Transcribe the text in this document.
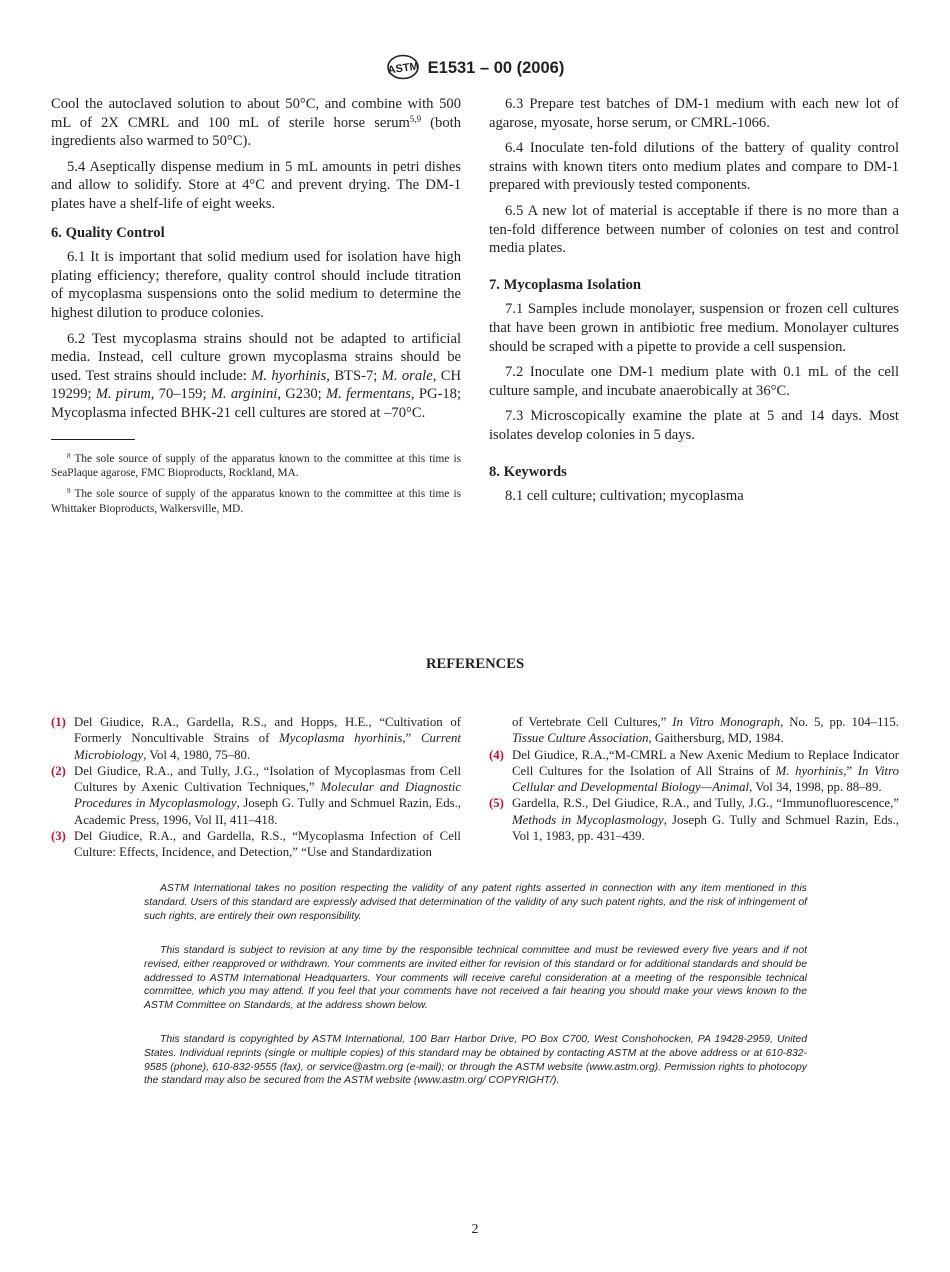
ASTM E1531 – 00 (2006)

Cool the autoclaved solution to about 50°C, and combine with 500 mL of 2X CMRL and 100 mL of sterile horse serum$^{5,9}$ (both ingredients also warmed to 50°C).

5.4 Aseptically dispense medium in 5 mL amounts in petri dishes and allow to solidify. Store at 4°C and prevent drying. The DM-1 plates have a shelf-life of eight weeks.

6. Quality Control

6.1 It is important that solid medium used for isolation have high plating efficiency; therefore, quality control should include titration of mycoplasma suspensions onto the solid medium to determine the highest dilution to produce colonies.

6.2 Test mycoplasma strains should not be adapted to artificial media. Instead, cell culture grown mycoplasma strains should be used. Test strains should include: M. hyorhinis, BTS-7; M. orale, CH 19299; M. pirum, 70–159; M. arginini, G230; M. fermentans, PG-18; Mycoplasma infected BHK-21 cell cultures are stored at –70°C.

$^8$ The sole source of supply of the apparatus known to the committee at this time is SeaPlaque agarose, FMC Bioproducts, Rockland, MA.

$^9$ The sole source of supply of the apparatus known to the committee at this time is Whittaker Bioproducts, Walkersville, MD.

6.3 Prepare test batches of DM-1 medium with each new lot of agarose, myosate, horse serum, or CMRL-1066.

6.4 Inoculate ten-fold dilutions of the battery of quality control strains with known titers onto medium plates and compare to DM-1 prepared with previously tested components.

6.5 A new lot of material is acceptable if there is no more than a ten-fold difference between number of colonies on test and control media plates.

7. Mycoplasma Isolation

7.1 Samples include monolayer, suspension or frozen cell cultures that have been grown in antibiotic free medium. Monolayer cultures should be scraped with a pipette to provide a cell suspension.

7.2 Inoculate one DM-1 medium plate with 0.1 mL of the cell culture sample, and incubate anaerobically at 36°C.

7.3 Microscopically examine the plate at 5 and 14 days. Most isolates develop colonies in 5 days.

8. Keywords

8.1 cell culture; cultivation; mycoplasma

REFERENCES

(1) Del Giudice, R.A., Gardella, R.S., and Hopps, H.E., “Cultivation of Formerly Noncultivable Strains of Mycoplasma hyorhinis,” Current Microbiology, Vol 4, 1980, 75–80.

(2) Del Giudice, R.A., and Tully, J.G., “Isolation of Mycoplasmas from Cell Cultures by Axenic Cultivation Techniques,” Molecular and Diagnostic Procedures in Mycoplasmology, Joseph G. Tully and Schmuel Razin, Eds., Academic Press, 1996, Vol II, 411–418.

(3) Del Giudice, R.A., and Gardella, R.S., “Mycoplasma Infection of Cell Culture: Effects, Incidence, and Detection,” “Use and Standardization

of Vertebrate Cell Cultures,” In Vitro Monograph, No. 5, pp. 104–115. Tissue Culture Association, Gaithersburg, MD, 1984.

(4) Del Giudice, R.A.,“M-CMRL a New Axenic Medium to Replace Indicator Cell Cultures for the Isolation of All Strains of M. hyorhinis,” In Vitro Cellular and Developmental Biology—Animal, Vol 34, 1998, pp. 88–89.

(5) Gardella, R.S., Del Giudice, R.A., and Tully, J.G., “Immunofluorescence,” Methods in Mycoplasmology, Joseph G. Tully and Schmuel Razin, Eds., Vol 1, 1983, pp. 431–439.

ASTM International takes no position respecting the validity of any patent rights asserted in connection with any item mentioned in this standard. Users of this standard are expressly advised that determination of the validity of any such patent rights, and the risk of infringement of such rights, are entirely their own responsibility.

This standard is subject to revision at any time by the responsible technical committee and must be reviewed every five years and if not revised, either reapproved or withdrawn. Your comments are invited either for revision of this standard or for additional standards and should be addressed to ASTM International Headquarters. Your comments will receive careful consideration at a meeting of the responsible technical committee, which you may attend. If you feel that your comments have not received a fair hearing you should make your views known to the ASTM Committee on Standards, at the address shown below.

This standard is copyrighted by ASTM International, 100 Barr Harbor Drive, PO Box C700, West Conshohocken, PA 19428-2959, United States. Individual reprints (single or multiple copies) of this standard may be obtained by contacting ASTM at the above address or at 610-832-9585 (phone), 610-832-9555 (fax), or service@astm.org (e-mail); or through the ASTM website (www.astm.org). Permission rights to photocopy the standard may also be secured from the ASTM website (www.astm.org/ COPYRIGHT/).

2
